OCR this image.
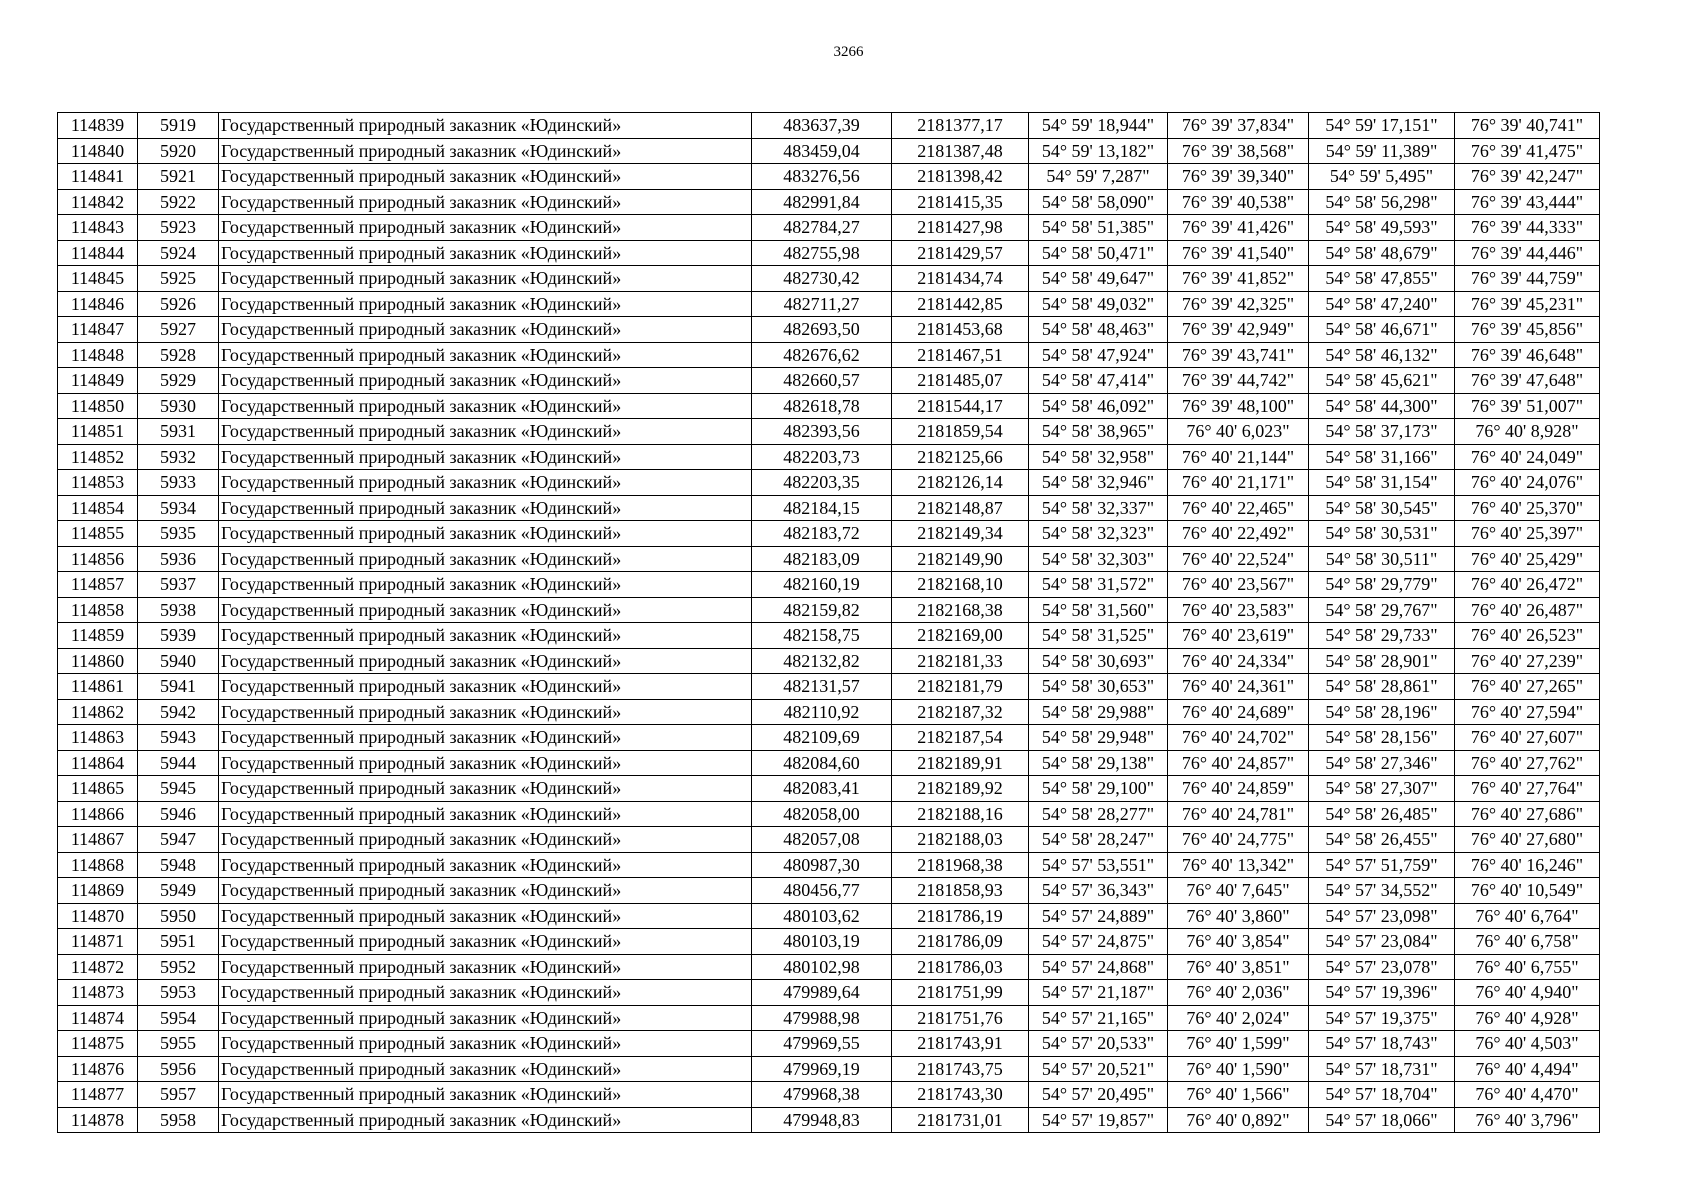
3266
114839	5919	Государственный природный заказник «Юдинский»	483637,39	2181377,17	54° 59' 18,944"	76° 39' 37,834"	54° 59' 17,151"	76° 39' 40,741"
114840	5920	Государственный природный заказник «Юдинский»	483459,04	2181387,48	54° 59' 13,182"	76° 39' 38,568"	54° 59' 11,389"	76° 39' 41,475"
114841	5921	Государственный природный заказник «Юдинский»	483276,56	2181398,42	54° 59' 7,287"	76° 39' 39,340"	54° 59' 5,495"	76° 39' 42,247"
114842	5922	Государственный природный заказник «Юдинский»	482991,84	2181415,35	54° 58' 58,090"	76° 39' 40,538"	54° 58' 56,298"	76° 39' 43,444"
114843	5923	Государственный природный заказник «Юдинский»	482784,27	2181427,98	54° 58' 51,385"	76° 39' 41,426"	54° 58' 49,593"	76° 39' 44,333"
114844	5924	Государственный природный заказник «Юдинский»	482755,98	2181429,57	54° 58' 50,471"	76° 39' 41,540"	54° 58' 48,679"	76° 39' 44,446"
114845	5925	Государственный природный заказник «Юдинский»	482730,42	2181434,74	54° 58' 49,647"	76° 39' 41,852"	54° 58' 47,855"	76° 39' 44,759"
114846	5926	Государственный природный заказник «Юдинский»	482711,27	2181442,85	54° 58' 49,032"	76° 39' 42,325"	54° 58' 47,240"	76° 39' 45,231"
114847	5927	Государственный природный заказник «Юдинский»	482693,50	2181453,68	54° 58' 48,463"	76° 39' 42,949"	54° 58' 46,671"	76° 39' 45,856"
114848	5928	Государственный природный заказник «Юдинский»	482676,62	2181467,51	54° 58' 47,924"	76° 39' 43,741"	54° 58' 46,132"	76° 39' 46,648"
114849	5929	Государственный природный заказник «Юдинский»	482660,57	2181485,07	54° 58' 47,414"	76° 39' 44,742"	54° 58' 45,621"	76° 39' 47,648"
114850	5930	Государственный природный заказник «Юдинский»	482618,78	2181544,17	54° 58' 46,092"	76° 39' 48,100"	54° 58' 44,300"	76° 39' 51,007"
114851	5931	Государственный природный заказник «Юдинский»	482393,56	2181859,54	54° 58' 38,965"	76° 40' 6,023"	54° 58' 37,173"	76° 40' 8,928"
114852	5932	Государственный природный заказник «Юдинский»	482203,73	2182125,66	54° 58' 32,958"	76° 40' 21,144"	54° 58' 31,166"	76° 40' 24,049"
114853	5933	Государственный природный заказник «Юдинский»	482203,35	2182126,14	54° 58' 32,946"	76° 40' 21,171"	54° 58' 31,154"	76° 40' 24,076"
114854	5934	Государственный природный заказник «Юдинский»	482184,15	2182148,87	54° 58' 32,337"	76° 40' 22,465"	54° 58' 30,545"	76° 40' 25,370"
114855	5935	Государственный природный заказник «Юдинский»	482183,72	2182149,34	54° 58' 32,323"	76° 40' 22,492"	54° 58' 30,531"	76° 40' 25,397"
114856	5936	Государственный природный заказник «Юдинский»	482183,09	2182149,90	54° 58' 32,303"	76° 40' 22,524"	54° 58' 30,511"	76° 40' 25,429"
114857	5937	Государственный природный заказник «Юдинский»	482160,19	2182168,10	54° 58' 31,572"	76° 40' 23,567"	54° 58' 29,779"	76° 40' 26,472"
114858	5938	Государственный природный заказник «Юдинский»	482159,82	2182168,38	54° 58' 31,560"	76° 40' 23,583"	54° 58' 29,767"	76° 40' 26,487"
114859	5939	Государственный природный заказник «Юдинский»	482158,75	2182169,00	54° 58' 31,525"	76° 40' 23,619"	54° 58' 29,733"	76° 40' 26,523"
114860	5940	Государственный природный заказник «Юдинский»	482132,82	2182181,33	54° 58' 30,693"	76° 40' 24,334"	54° 58' 28,901"	76° 40' 27,239"
114861	5941	Государственный природный заказник «Юдинский»	482131,57	2182181,79	54° 58' 30,653"	76° 40' 24,361"	54° 58' 28,861"	76° 40' 27,265"
114862	5942	Государственный природный заказник «Юдинский»	482110,92	2182187,32	54° 58' 29,988"	76° 40' 24,689"	54° 58' 28,196"	76° 40' 27,594"
114863	5943	Государственный природный заказник «Юдинский»	482109,69	2182187,54	54° 58' 29,948"	76° 40' 24,702"	54° 58' 28,156"	76° 40' 27,607"
114864	5944	Государственный природный заказник «Юдинский»	482084,60	2182189,91	54° 58' 29,138"	76° 40' 24,857"	54° 58' 27,346"	76° 40' 27,762"
114865	5945	Государственный природный заказник «Юдинский»	482083,41	2182189,92	54° 58' 29,100"	76° 40' 24,859"	54° 58' 27,307"	76° 40' 27,764"
114866	5946	Государственный природный заказник «Юдинский»	482058,00	2182188,16	54° 58' 28,277"	76° 40' 24,781"	54° 58' 26,485"	76° 40' 27,686"
114867	5947	Государственный природный заказник «Юдинский»	482057,08	2182188,03	54° 58' 28,247"	76° 40' 24,775"	54° 58' 26,455"	76° 40' 27,680"
114868	5948	Государственный природный заказник «Юдинский»	480987,30	2181968,38	54° 57' 53,551"	76° 40' 13,342"	54° 57' 51,759"	76° 40' 16,246"
114869	5949	Государственный природный заказник «Юдинский»	480456,77	2181858,93	54° 57' 36,343"	76° 40' 7,645"	54° 57' 34,552"	76° 40' 10,549"
114870	5950	Государственный природный заказник «Юдинский»	480103,62	2181786,19	54° 57' 24,889"	76° 40' 3,860"	54° 57' 23,098"	76° 40' 6,764"
114871	5951	Государственный природный заказник «Юдинский»	480103,19	2181786,09	54° 57' 24,875"	76° 40' 3,854"	54° 57' 23,084"	76° 40' 6,758"
114872	5952	Государственный природный заказник «Юдинский»	480102,98	2181786,03	54° 57' 24,868"	76° 40' 3,851"	54° 57' 23,078"	76° 40' 6,755"
114873	5953	Государственный природный заказник «Юдинский»	479989,64	2181751,99	54° 57' 21,187"	76° 40' 2,036"	54° 57' 19,396"	76° 40' 4,940"
114874	5954	Государственный природный заказник «Юдинский»	479988,98	2181751,76	54° 57' 21,165"	76° 40' 2,024"	54° 57' 19,375"	76° 40' 4,928"
114875	5955	Государственный природный заказник «Юдинский»	479969,55	2181743,91	54° 57' 20,533"	76° 40' 1,599"	54° 57' 18,743"	76° 40' 4,503"
114876	5956	Государственный природный заказник «Юдинский»	479969,19	2181743,75	54° 57' 20,521"	76° 40' 1,590"	54° 57' 18,731"	76° 40' 4,494"
114877	5957	Государственный природный заказник «Юдинский»	479968,38	2181743,30	54° 57' 20,495"	76° 40' 1,566"	54° 57' 18,704"	76° 40' 4,470"
114878	5958	Государственный природный заказник «Юдинский»	479948,83	2181731,01	54° 57' 19,857"	76° 40' 0,892"	54° 57' 18,066"	76° 40' 3,796"
